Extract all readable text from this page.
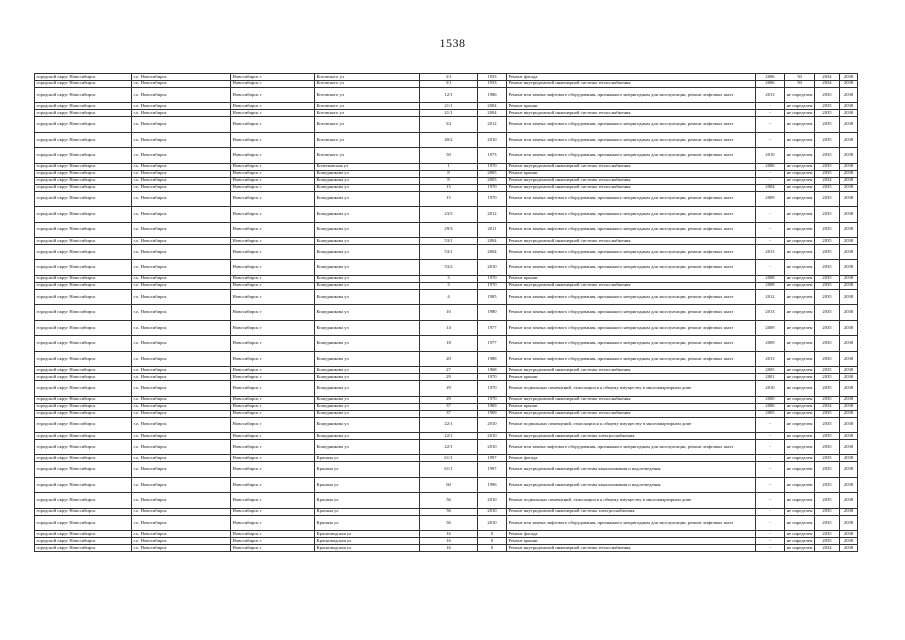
1538
городской округ Новосибирск	г.о. Новосибирск	Новосибирск г	Котовского ул	3/1	1933	Ремонт фасада	2006	50	2034	2038
городской округ Новосибирск	г.о. Новосибирск	Новосибирск г	Котовского ул	3/1	1933	Ремонт внутридомовой инженерной системы теплоснабжения	2006	50	2034	2038
городской округ Новосибирск	г.о. Новосибирск	Новосибирск г	Котовского ул	12/1	1986	Ремонт или замена лифтового оборудования, признанного непригодным для эксплуатации, ремонт лифтовых шахт	2013	не определен	2035	2038
городской округ Новосибирск	г.о. Новосибирск	Новосибирск г	Котовского ул	21/1	2004	Ремонт крыши	-	не определен	2035	2038
городской округ Новосибирск	г.о. Новосибирск	Новосибирск г	Котовского ул	21/1	2004	Ремонт внутридомовой инженерной системы теплоснабжения	-	не определен	2035	2038
городской округ Новосибирск	г.о. Новосибирск	Новосибирск г	Котовского ул	3/2	2012	Ремонт или замена лифтового оборудования, признанного непригодным для эксплуатации, ремонт лифтовых шахт	-	не определен	2035	2038
городской округ Новосибирск	г.о. Новосибирск	Новосибирск г	Котовского ул	40/2	2010	Ремонт или замена лифтового оборудования, признанного непригодным для эксплуатации, ремонт лифтовых шахт	-	не определен	2035	2038
городской округ Новосибирск	г.о. Новосибирск	Новосибирск г	Котовского ул	50	1973	Ремонт или замена лифтового оборудования, признанного непригодным для эксплуатации, ремонт лифтовых шахт	2010	не определен	2035	2038
городской округ Новосибирск	г.о. Новосибирск	Новосибирск г	Кочетковская ул	1	1970	Ремонт внутридомовой инженерной системы теплоснабжения	2006	не определен	2035	2038
городской округ Новосибирск	г.о. Новосибирск	Новосибирск г	Кошурникова ул	8	2005	Ремонт крыши	-	не определен	2035	2038
городской округ Новосибирск	г.о. Новосибирск	Новосибирск г	Кошурникова ул	8	2005	Ремонт внутридомовой инженерной системы теплоснабжения	-	не определен	2034	2038
городской округ Новосибирск	г.о. Новосибирск	Новосибирск г	Кошурникова ул	15	1970	Ремонт внутридомовой инженерной системы теплоснабжения	2004	не определен	2035	2038
городской округ Новосибирск	г.о. Новосибирск	Новосибирск г	Кошурникова ул	15	1970	Ремонт или замена лифтового оборудования, признанного непригодным для эксплуатации, ремонт лифтовых шахт	2009	не определен	2035	2038
городской округ Новосибирск	г.о. Новосибирск	Новосибирск г	Кошурникова ул	23/5	2012	Ремонт или замена лифтового оборудования, признанного непригодным для эксплуатации, ремонт лифтовых шахт	-	не определен	2035	2038
городской округ Новосибирск	г.о. Новосибирск	Новосибирск г	Кошурникова ул	29/3	2011	Ремонт или замена лифтового оборудования, признанного непригодным для эксплуатации, ремонт лифтовых шахт	-	не определен	2035	2038
городской округ Новосибирск	г.о. Новосибирск	Новосибирск г	Кошурникова ул	53/1	2004	Ремонт внутридомовой инженерной системы теплоснабжения	-	не определен	2035	2038
городской округ Новосибирск	г.о. Новосибирск	Новосибирск г	Кошурникова ул	53/1	2004	Ремонт или замена лифтового оборудования, признанного непригодным для эксплуатации, ремонт лифтовых шахт	2013	не определен	2035	2038
городской округ Новосибирск	г.о. Новосибирск	Новосибирск г	Кошурникова ул	53/2	2010	Ремонт или замена лифтового оборудования, признанного непригодным для эксплуатации, ремонт лифтовых шахт	-	не определен	2035	2038
городской округ Новосибирск	г.о. Новосибирск	Новосибирск г	Кошурникова ул	3	1970	Ремонт крыши	2008	не определен	2035	2038
городской округ Новосибирск	г.о. Новосибирск	Новосибирск г	Кошурникова ул	3	1970	Ремонт внутридомовой инженерной системы теплоснабжения	2008	не определен	2035	2038
городской округ Новосибирск	г.о. Новосибирск	Новосибирск г	Кошурникова ул	4	1985	Ремонт или замена лифтового оборудования, признанного непригодным для эксплуатации, ремонт лифтовых шахт	2012	не определен	2035	2038
городской округ Новосибирск	г.о. Новосибирск	Новосибирск г	Кошурникова ул	10	1980	Ремонт или замена лифтового оборудования, признанного непригодным для эксплуатации, ремонт лифтовых шахт	2013	не определен	2035	2038
городской округ Новосибирск	г.о. Новосибирск	Новосибирск г	Кошурникова ул	14	1977	Ремонт или замена лифтового оборудования, признанного непригодным для эксплуатации, ремонт лифтовых шахт	2009	не определен	2035	2038
городской округ Новосибирск	г.о. Новосибирск	Новосибирск г	Кошурникова ул	18	1977	Ремонт или замена лифтового оборудования, признанного непригодным для эксплуатации, ремонт лифтовых шахт	2009	не определен	2035	2038
городской округ Новосибирск	г.о. Новосибирск	Новосибирск г	Кошурникова ул	20	1988	Ремонт или замена лифтового оборудования, признанного непригодным для эксплуатации, ремонт лифтовых шахт	2013	не определен	2035	2038
городской округ Новосибирск	г.о. Новосибирск	Новосибирск г	Кошурникова ул	27	1968	Ремонт внутридомовой инженерной системы теплоснабжения	2005	не определен	2035	2038
городской округ Новосибирск	г.о. Новосибирск	Новосибирск г	Кошурникова ул	29	1970	Ремонт крыши	2001	не определен	2035	2038
городской округ Новосибирск	г.о. Новосибирск	Новосибирск г	Кошурникова ул	29	1970	Ремонт подвальных помещений, относящихся к общему имуществу в многоквартирном доме	2010	не определен	2035	2038
городской округ Новосибирск	г.о. Новосибирск	Новосибирск г	Кошурникова ул	29	1970	Ремонт внутридомовой инженерной системы теплоснабжения	2000	не определен	2035	2038
городской округ Новосибирск	г.о. Новосибирск	Новосибирск г	Кошурникова ул	37	1969	Ремонт крыши	2006	не определен	2034	2038
городской округ Новосибирск	г.о. Новосибирск	Новосибирск г	Кошурникова ул	37	1969	Ремонт внутридомовой инженерной системы теплоснабжения	2005	не определен	2035	2038
городской округ Новосибирск	г.о. Новосибирск	Новосибирск г	Кошурникова ул	22/1	2010	Ремонт подвальных помещений, относящихся к общему имуществу в многоквартирном доме	-	не определен	2035	2038
городской округ Новосибирск	г.о. Новосибирск	Новосибирск г	Кошурникова ул	22/1	2010	Ремонт внутридомовой инженерной системы электроснабжения	-	не определен	2035	2038
городской округ Новосибирск	г.о. Новосибирск	Новосибирск г	Кошурникова ул	22/1	2010	Ремонт или замена лифтового оборудования, признанного непригодным для эксплуатации, ремонт лифтовых шахт	-	не определен	2035	2038
городской округ Новосибирск	г.о. Новосибирск	Новосибирск г	Красина ул	61/1	1997	Ремонт фасада	-	не определен	2035	2038
городской округ Новосибирск	г.о. Новосибирск	Новосибирск г	Красина ул	61/1	1997	Ремонт внутридомовой инженерной системы канализования и водоотведения	-	не определен	2035	2038
городской округ Новосибирск	г.о. Новосибирск	Новосибирск г	Красина ул	60	1996	Ремонт внутридомовой инженерной системы канализования и водоотведения	-	не определен	2035	2038
городской округ Новосибирск	г.о. Новосибирск	Новосибирск г	Красина ул	56	2010	Ремонт подвальных помещений, относящихся к общему имуществу в многоквартирном доме	-	не определен	2035	2038
городской округ Новосибирск	г.о. Новосибирск	Новосибирск г	Красина ул	56	2010	Ремонт внутридомовой инженерной системы электроснабжения	-	не определен	2035	2038
городской округ Новосибирск	г.о. Новосибирск	Новосибирск г	Красина ул	56	2010	Ремонт или замена лифтового оборудования, признанного непригодным для эксплуатации, ремонт лифтовых шахт	-	не определен	2035	2038
городской округ Новосибирск	г.о. Новосибирск	Новосибирск г	Красноводская ул	16	0	Ремонт фасада	-	не определен	2035	2038
городской округ Новосибирск	г.о. Новосибирск	Новосибирск г	Красноводская ул	16	0	Ремонт крыши	-	не определен	2035	2038
городской округ Новосибирск	г.о. Новосибирск	Новосибирск г	Красноводская ул	16	0	Ремонт внутридомовой инженерной системы теплоснабжения	-	не определен	2034	2038
